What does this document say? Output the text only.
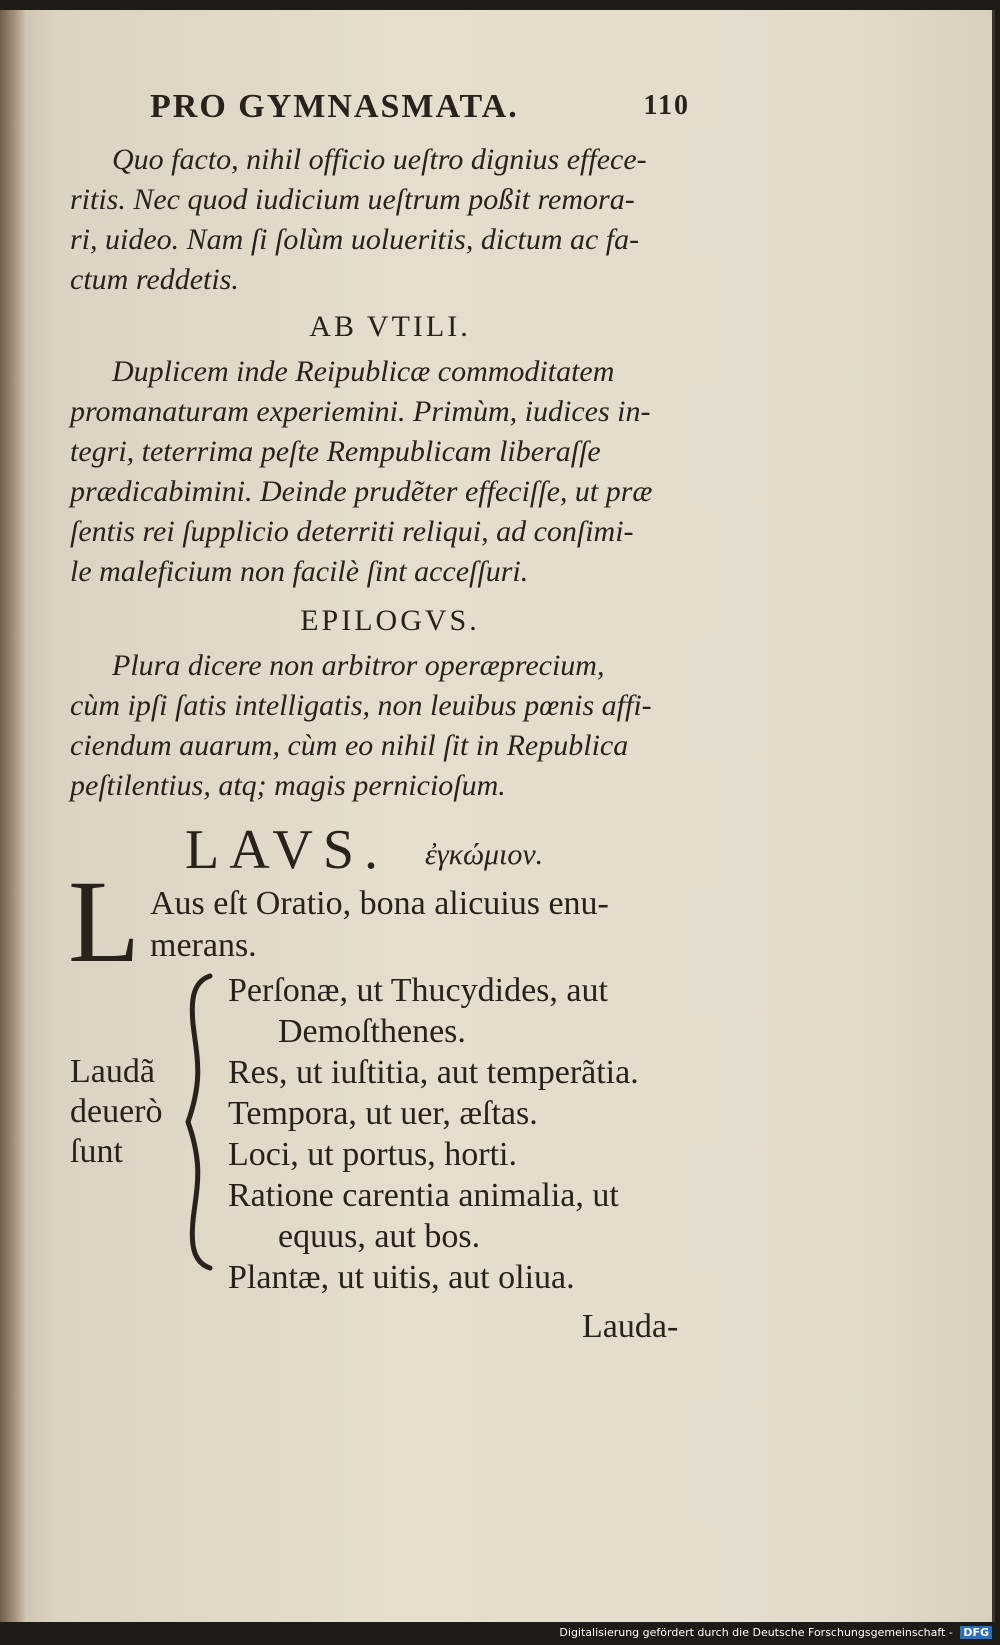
PRO GYMNASMATA.	110

Quo facto, nihil officio ueſtro dignius effece-

ritis. Nec quod iudicium ueſtrum poßit remora-

ri, uideo. Nam ſi ſolùm uolueritis, dictum ac fa-

ctum reddetis.

AB VTILI.

Duplicem inde Reipublicæ commoditatem

promanaturam experiemini. Primùm, iudices in-

tegri, teterrima peſte Rempublicam liberaſſe

prædicabimini. Deinde prudẽter effeciſſe, ut præ

ſentis rei ſupplicio deterriti reliqui, ad conſimi-

le maleficium non facilè ſint acceſſuri.

EPILOGVS.

Plura dicere non arbitror operæprecium,

cùm ipſi ſatis intelligatis, non leuibus pœnis affi-

ciendum auarum, cùm eo nihil ſit in Republica

peſtilentius, atq; magis pernicioſum.

LAVS. ἐγκώμιον.
L Aus eſt Oratio, bona alicuius enu-
merans.
Laudã
deuerò
ſunt
Perſonæ, ut Thucydides, aut
Demoſthenes.
Res, ut iuſtitia, aut temperãtia.
Tempora, ut uer, æſtas.
Loci, ut portus, horti.
Ratione carentia animalia, ut
equus, aut bos.
Plantæ, ut uitis, aut oliua.
Lauda-
Digitalisierung gefördert durch die Deutsche Forschungsgemeinschaft - DFG
